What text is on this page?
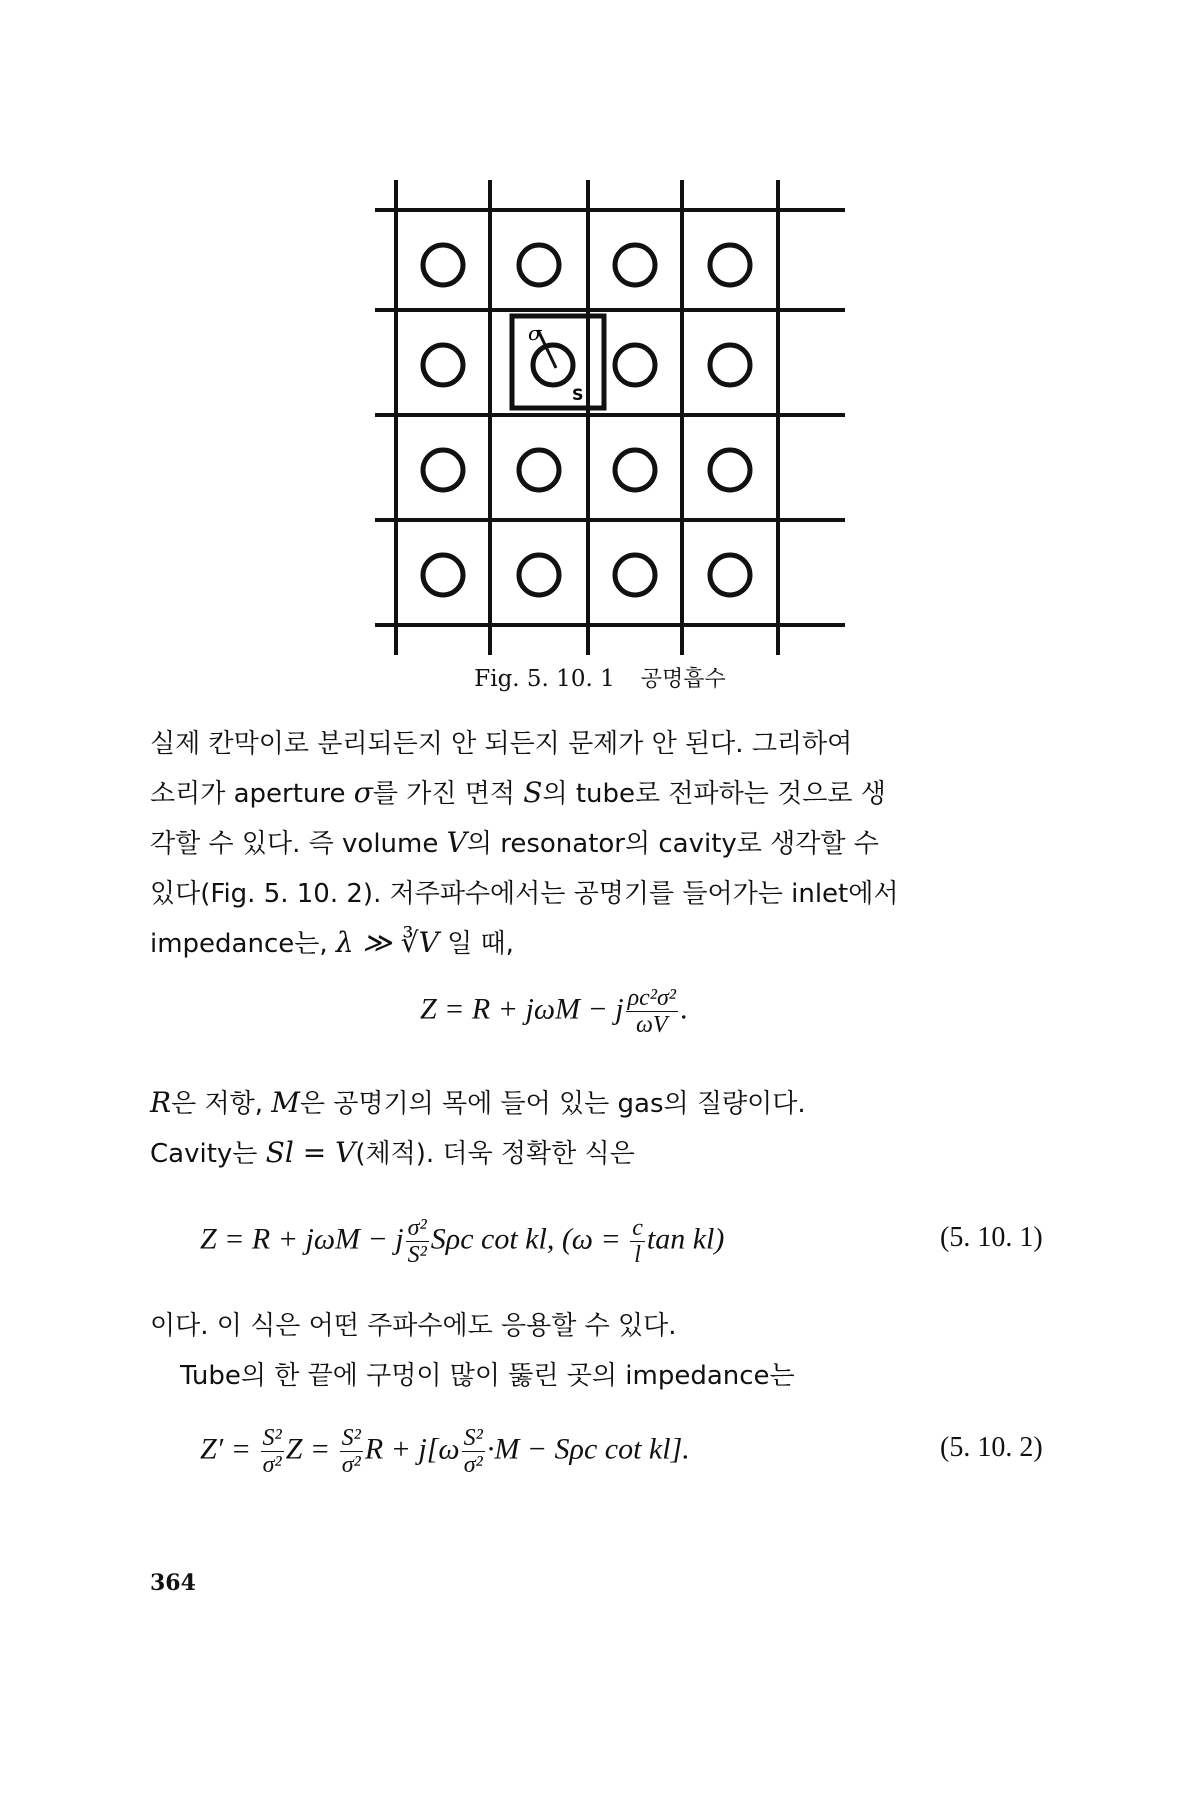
σ
S
Fig. 5. 10. 1 공명흡수
실제 칸막이로 분리되든지 안 되든지 문제가 안 된다. 그리하여
소리가 aperture σ를 가진 면적 S의 tube로 전파하는 것으로 생
각할 수 있다. 즉 volume V의 resonator의 cavity로 생각할 수
있다(Fig. 5. 10. 2). 저주파수에서는 공명기를 들어가는 inlet에서
impedance는, λ ≫ ∛V 일 때,
Z = R + jωM − j $\frac{\text{ρc²σ²}}{\omega V}$ .
R은 저항, M은 공명기의 목에 들어 있는 gas의 질량이다.
Cavity는 Sl = V(체적). 더욱 정확한 식은
Z = R + jωM − j $\frac{\text{σ²}}{\text{S²}}$ Sρc cot kl, ($\omega = \frac{c}{l}$ tan kl)	(5. 10. 1)
이다. 이 식은 어떤 주파수에도 응용할 수 있다.
Tube의 한 끝에 구멍이 많이 뚫린 곳의 impedance는
$Z' = \frac{\text{S²}}{\text{σ²}}$ $Z = \frac{\text{S²}}{\text{σ²}}$ $R + j[\omega \frac{\text{S²}}{\text{σ²}} \cdot M - S\rho c$ cot kl].	(5. 10. 2)
364
